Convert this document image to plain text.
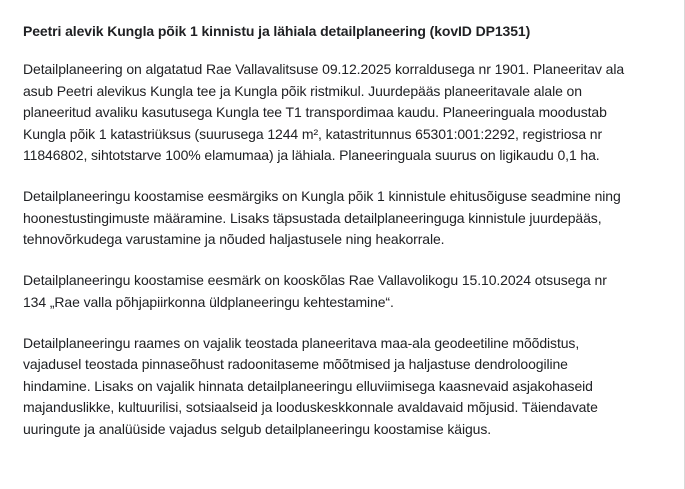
Peetri alevik Kungla põik 1 kinnistu ja lähiala detailplaneering (kovID DP1351)
Detailplaneering on algatatud Rae Vallavalitsuse 09.12.2025 korraldusega nr 1901. Planeeritav ala
asub Peetri alevikus Kungla tee ja Kungla põik ristmikul. Juurdepääs planeeritavale alale on
planeeritud avaliku kasutusega Kungla tee T1 transpordimaa kaudu. Planeeringuala moodustab
Kungla põik 1 katastriüksus (suurusega 1244 m², katastritunnus 65301:001:2292, registriosa nr
11846802, sihtotstarve 100% elamumaa) ja lähiala. Planeeringuala suurus on ligikaudu 0,1 ha.
Detailplaneeringu koostamise eesmärgiks on Kungla põik 1 kinnistule ehitusõiguse seadmine ning
hoonestustingimuste määramine. Lisaks täpsustada detailplaneeringuga kinnistule juurdepääs,
tehnovõrkudega varustamine ja nõuded haljastusele ning heakorrale.
Detailplaneeringu koostamise eesmärk on kooskõlas Rae Vallavolikogu 15.10.2024 otsusega nr
134 „Rae valla põhjapiirkonna üldplaneeringu kehtestamine“.
Detailplaneeringu raames on vajalik teostada planeeritava maa-ala geodeetiline mõõdistus,
vajadusel teostada pinnaseõhust radoonitaseme mõõtmised ja haljastuse dendroloogiline
hindamine. Lisaks on vajalik hinnata detailplaneeringu elluviimisega kaasnevaid asjakohaseid
majanduslikke, kultuurilisi, sotsiaalseid ja looduskeskkonnale avaldavaid mõjusid. Täiendavate
uuringute ja analüüside vajadus selgub detailplaneeringu koostamise käigus.
